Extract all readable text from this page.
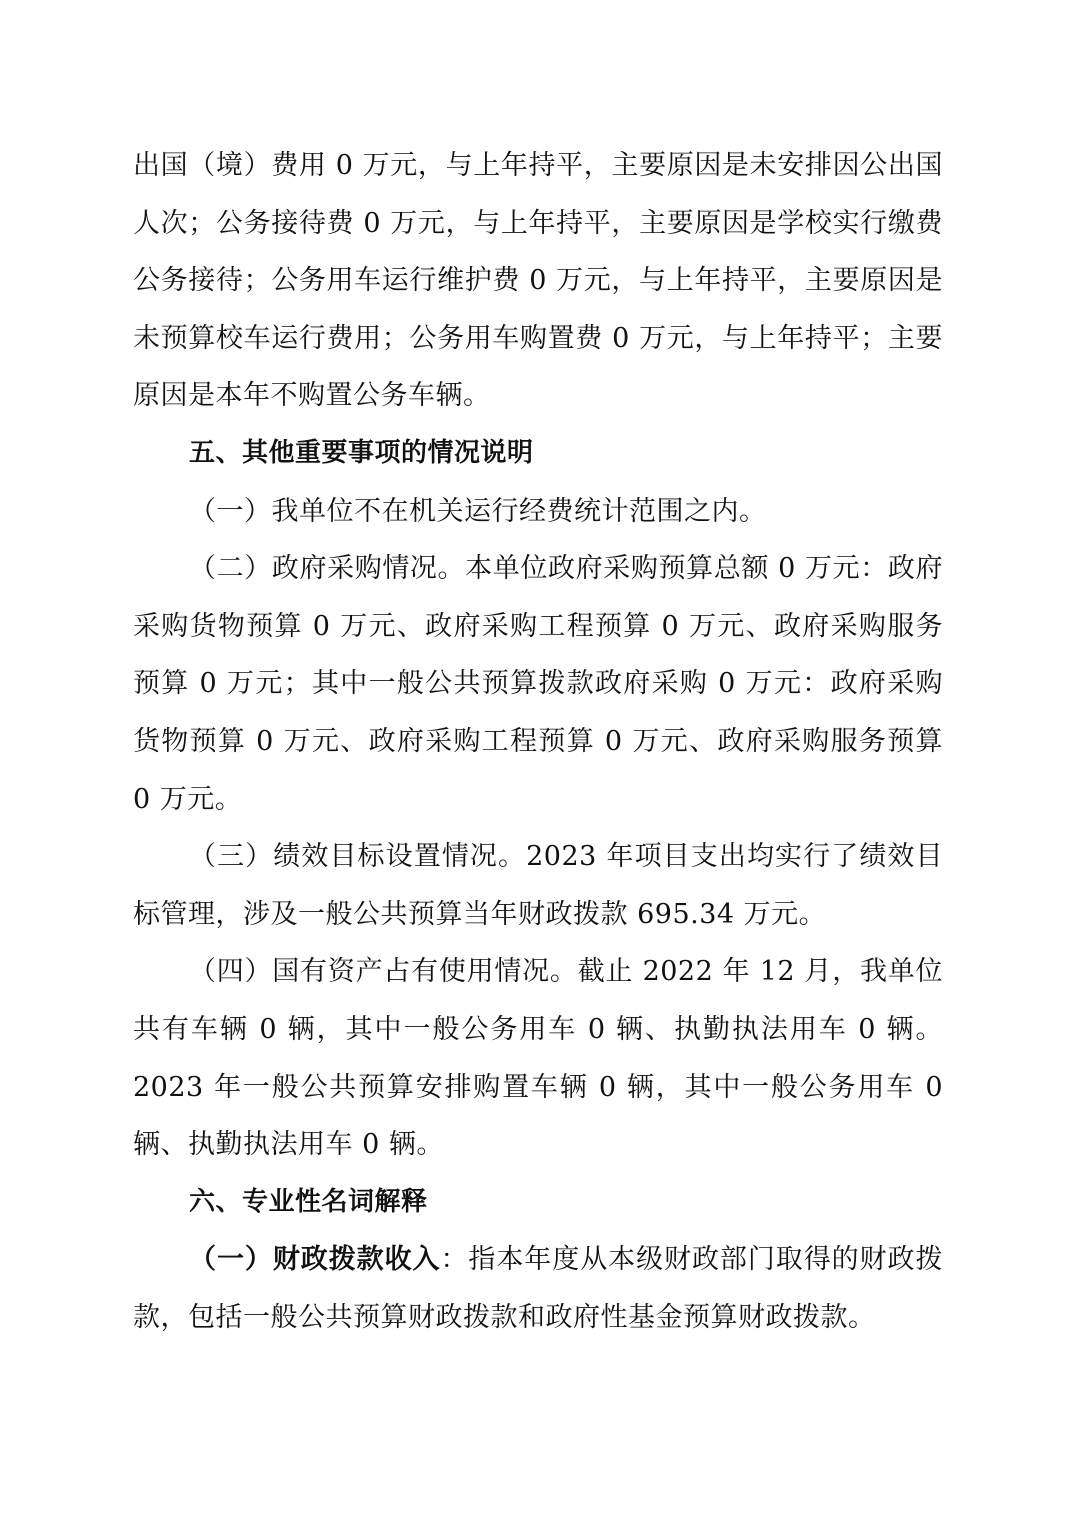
出国（境）费用 0 万元，与上年持平，主要原因是未安排因公出国人次；公务接待费 0 万元，与上年持平，主要原因是学校实行缴费公务接待；公务用车运行维护费 0 万元，与上年持平，主要原因是未预算校车运行费用；公务用车购置费 0 万元，与上年持平；主要原因是本年不购置公务车辆。

五、其他重要事项的情况说明

（一）我单位不在机关运行经费统计范围之内。

（二）政府采购情况。本单位政府采购预算总额 0 万元：政府采购货物预算 0 万元、政府采购工程预算 0 万元、政府采购服务预算 0 万元；其中一般公共预算拨款政府采购 0 万元：政府采购货物预算 0 万元、政府采购工程预算 0 万元、政府采购服务预算 0 万元。

（三）绩效目标设置情况。2023 年项目支出均实行了绩效目标管理，涉及一般公共预算当年财政拨款 695.34 万元。

（四）国有资产占有使用情况。截止 2022 年 12 月，我单位共有车辆 0 辆，其中一般公务用车 0 辆、执勤执法用车 0 辆。2023 年一般公共预算安排购置车辆 0 辆，其中一般公务用车 0 辆、执勤执法用车 0 辆。

六、专业性名词解释

（一）财政拨款收入：指本年度从本级财政部门取得的财政拨款，包括一般公共预算财政拨款和政府性基金预算财政拨款。
